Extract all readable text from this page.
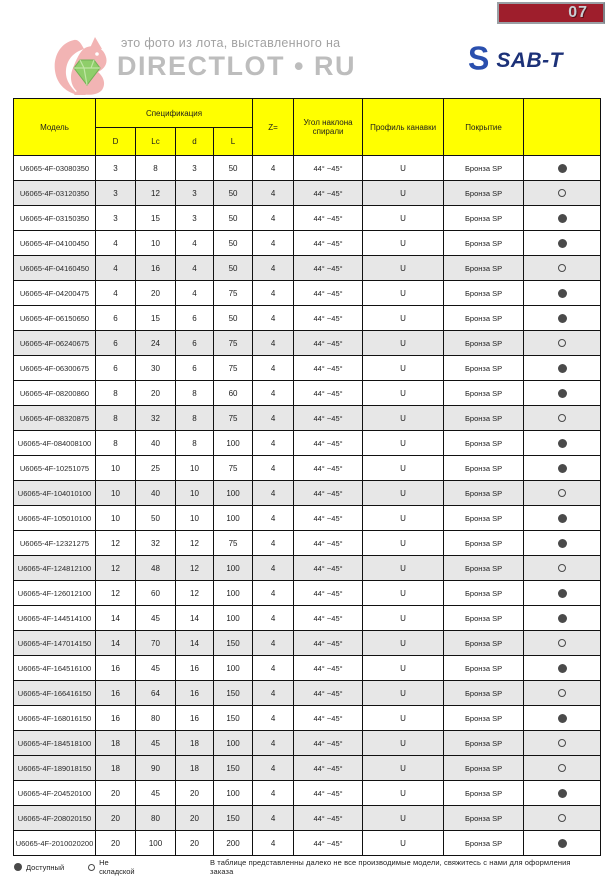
07
это фото из лота, выставленного на
DIRECTLOT • RU	S SAB-T
Модель	Спецификация				Z=	Угол наклона спирали	Профиль канавки	Покрытие	
	D	Lc	d	L					
U6065-4F-03080350	3	8	3	50	4	44° ~45°	U	Бронза SP	
U6065-4F-03120350	3	12	3	50	4	44° ~45°	U	Бронза SP	
U6065-4F-03150350	3	15	3	50	4	44° ~45°	U	Бронза SP	
U6065-4F-04100450	4	10	4	50	4	44° ~45°	U	Бронза SP	
U6065-4F-04160450	4	16	4	50	4	44° ~45°	U	Бронза SP	
U6065-4F-04200475	4	20	4	75	4	44° ~45°	U	Бронза SP	
U6065-4F-06150650	6	15	6	50	4	44° ~45°	U	Бронза SP	
U6065-4F-06240675	6	24	6	75	4	44° ~45°	U	Бронза SP	
U6065-4F-06300675	6	30	6	75	4	44° ~45°	U	Бронза SP	
U6065-4F-08200860	8	20	8	60	4	44° ~45°	U	Бронза SP	
U6065-4F-08320875	8	32	8	75	4	44° ~45°	U	Бронза SP	
U6065-4F-084008100	8	40	8	100	4	44° ~45°	U	Бронза SP	
U6065-4F-10251075	10	25	10	75	4	44° ~45°	U	Бронза SP	
U6065-4F-104010100	10	40	10	100	4	44° ~45°	U	Бронза SP	
U6065-4F-105010100	10	50	10	100	4	44° ~45°	U	Бронза SP	
U6065-4F-12321275	12	32	12	75	4	44° ~45°	U	Бронза SP	
U6065-4F-124812100	12	48	12	100	4	44° ~45°	U	Бронза SP	
U6065-4F-126012100	12	60	12	100	4	44° ~45°	U	Бронза SP	
U6065-4F-144514100	14	45	14	100	4	44° ~45°	U	Бронза SP	
U6065-4F-147014150	14	70	14	150	4	44° ~45°	U	Бронза SP	
U6065-4F-164516100	16	45	16	100	4	44° ~45°	U	Бронза SP	
U6065-4F-166416150	16	64	16	150	4	44° ~45°	U	Бронза SP	
U6065-4F-168016150	16	80	16	150	4	44° ~45°	U	Бронза SP	
U6065-4F-184518100	18	45	18	100	4	44° ~45°	U	Бронза SP	
U6065-4F-189018150	18	90	18	150	4	44° ~45°	U	Бронза SP	
U6065-4F-204520100	20	45	20	100	4	44° ~45°	U	Бронза SP	
U6065-4F-208020150	20	80	20	150	4	44° ~45°	U	Бронза SP	
U6065-4F-2010020200	20	100	20	200	4	44° ~45°	U	Бронза SP	
Доступный	Не складской
В таблице представленны далеко не все производимые модели, свяжитесь с нами для оформления заказа
